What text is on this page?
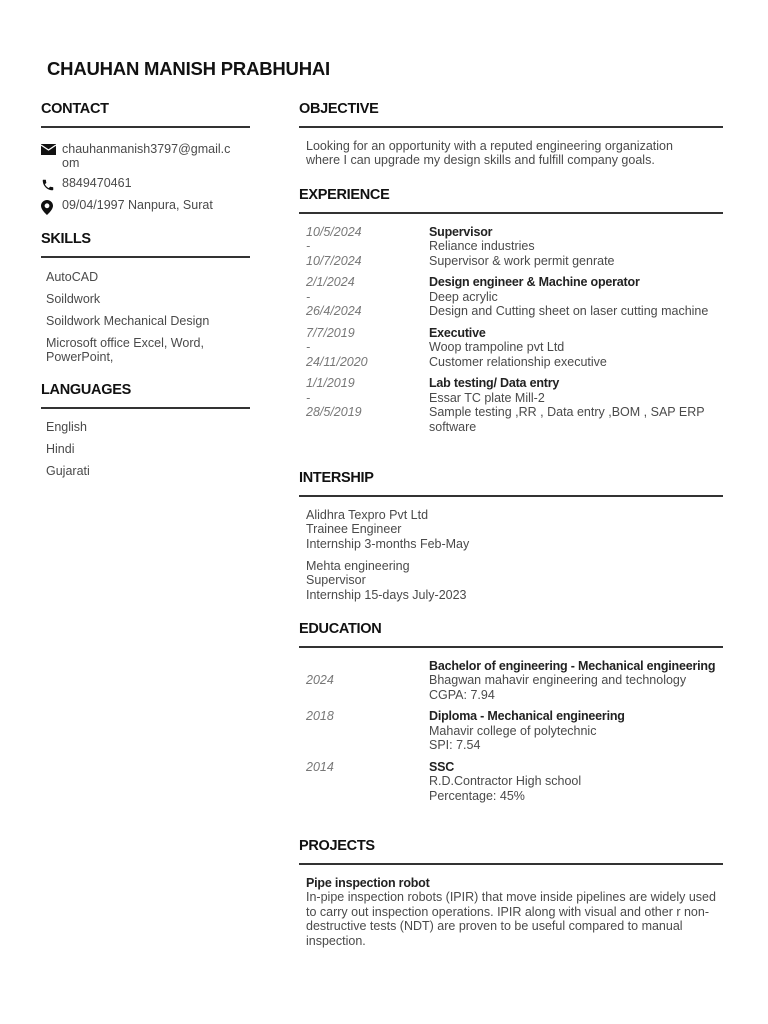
CHAUHAN MANISH PRABHUHAI
CONTACT
chauhanmanish3797@gmail.c
om
8849470461
09/04/1997 Nanpura, Surat
SKILLS
AutoCAD
Soildwork
Soildwork Mechanical Design
Microsoft office Excel, Word, PowerPoint,
LANGUAGES
English
Hindi
Gujarati
OBJECTIVE
Looking for an opportunity with a reputed engineering organization where I can upgrade my design skills and fulfill company goals.
EXPERIENCE
10/5/2024
-
10/7/2024
Supervisor
Reliance industries
Supervisor & work permit genrate
2/1/2024
-
26/4/2024
Design engineer & Machine operator
Deep acrylic
Design and Cutting sheet on laser cutting machine
7/7/2019
-
24/11/2020
Executive
Woop trampoline pvt Ltd
Customer relationship executive
1/1/2019
-
28/5/2019
Lab testing/ Data entry
Essar TC plate Mill-2
Sample testing ,RR , Data entry ,BOM , SAP ERP software
INTERSHIP
Alidhra Texpro Pvt Ltd
Trainee Engineer
Internship 3-months Feb-May
Mehta engineering
Supervisor
Internship 15-days July-2023
EDUCATION
2024
Bachelor of engineering - Mechanical engineering
Bhagwan mahavir engineering and technology
CGPA: 7.94
2018	Diploma - Mechanical engineering
Mahavir college of polytechnic
SPI: 7.54
2014	SSC
R.D.Contractor High school
Percentage: 45%
PROJECTS
Pipe inspection robot
In-pipe inspection robots (IPIR) that move inside pipelines are widely used to carry out inspection operations. IPIR along with visual and other r non-destructive tests (NDT) are proven to be useful compared to manual inspection.
